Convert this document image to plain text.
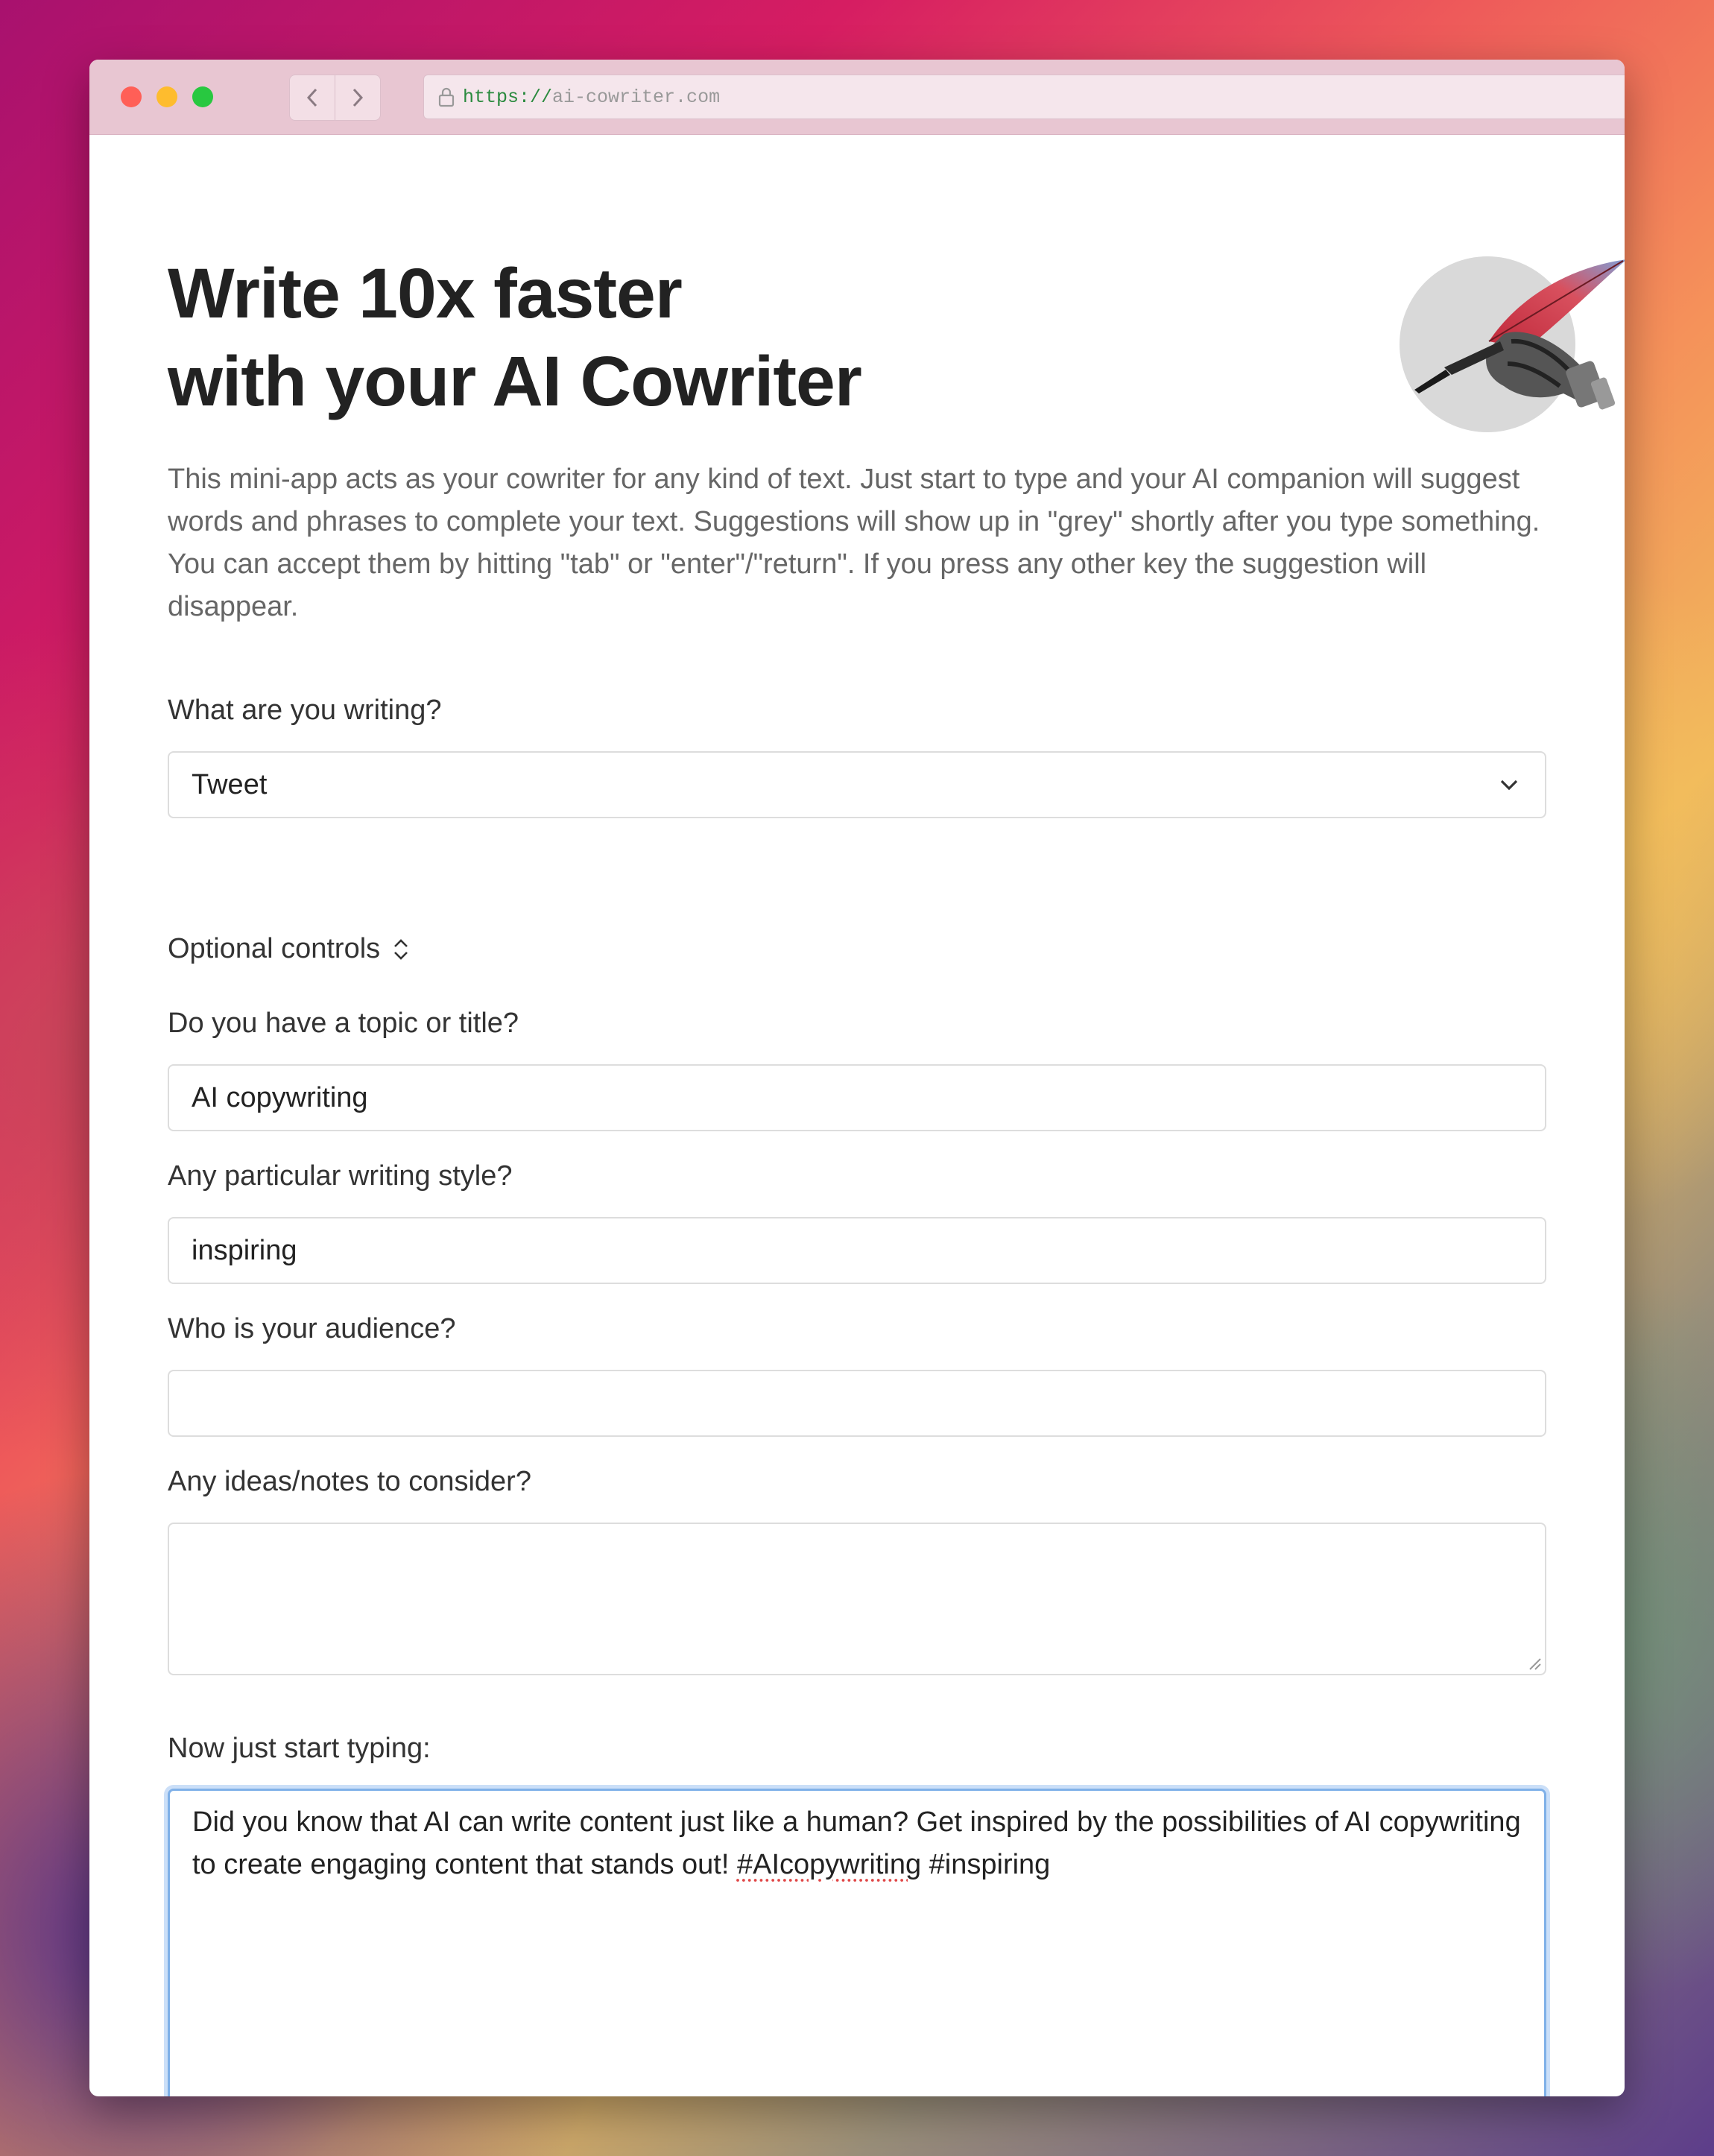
https:// ai-cowriter.com
Write 10x faster
with your AI Cowriter

This mini-app acts as your cowriter for any kind of text. Just start to type and your AI companion will suggest words and phrases to complete your text. Suggestions will show up in "grey" shortly after you type something. You can accept them by hitting "tab" or "enter"/"return". If you press any other key the suggestion will disappear.

What are you writing?

Tweet
Optional controls

Do you have a topic or title?

AI copywriting

Any particular writing style?

inspiring

Who is your audience?

Any ideas/notes to consider?

Now just start typing:

Did you know that AI can write content just like a human? Get inspired by the possibilities of AI copywriting to create engaging content that stands out! #AIcopywriting #inspiring
